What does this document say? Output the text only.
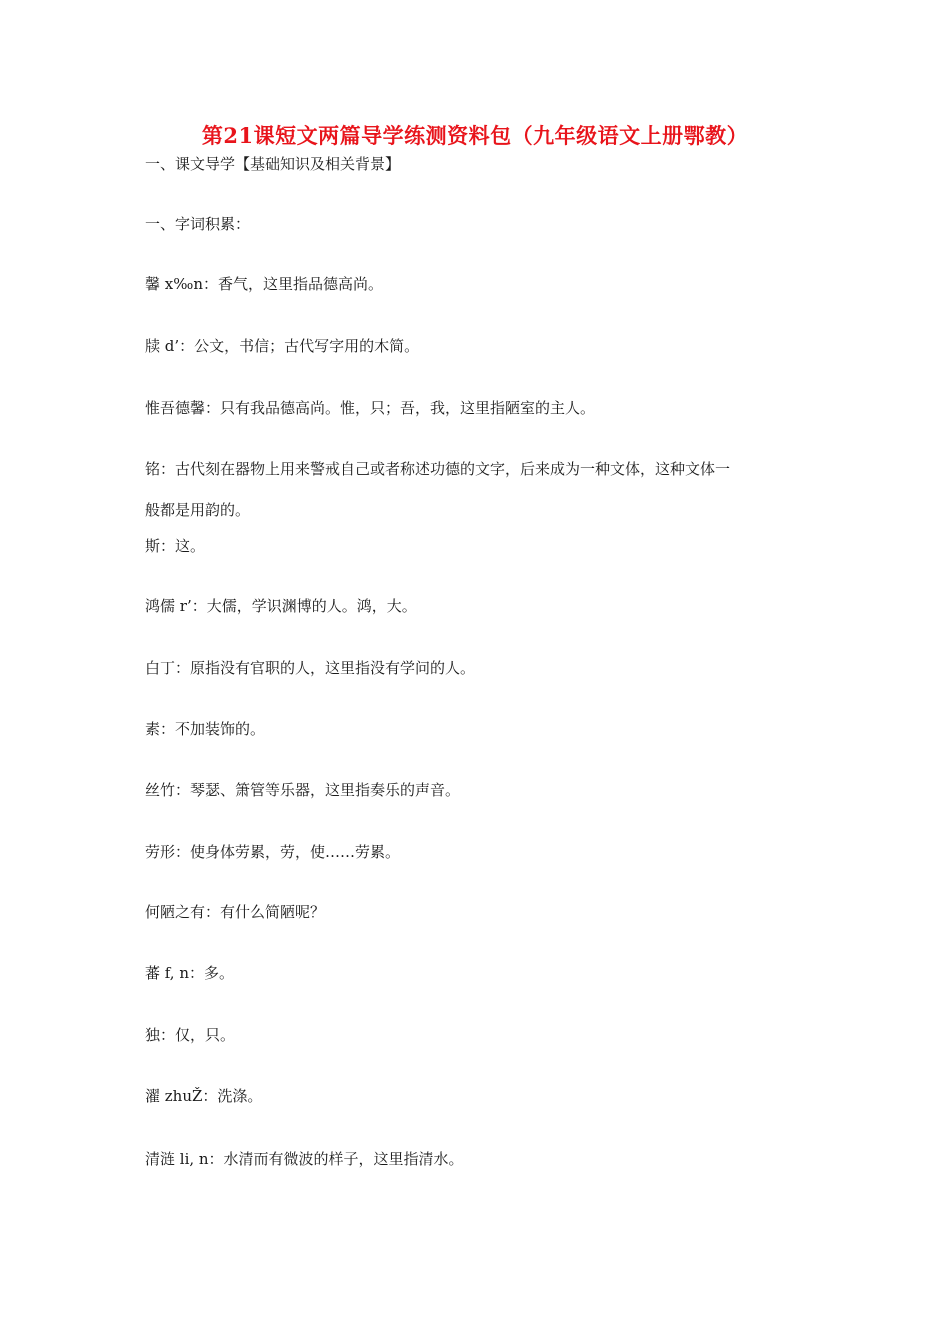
第21课短文两篇导学练测资料包（九年级语文上册鄂教）
一、课文导学【基础知识及相关背景】
一、字词积累：
馨 x‰n：香气，这里指品德高尚。
牍 d’：公文，书信；古代写字用的木简。
惟吾德馨：只有我品德高尚。惟，只；吾，我，这里指陋室的主人。
铭：古代刻在器物上用来警戒自己或者称述功德的文字，后来成为一种文体，这种文体一
般都是用韵的。
斯：这。
鸿儒 r’：大儒，学识渊博的人。鸿，大。
白丁：原指没有官职的人，这里指没有学问的人。
素：不加装饰的。
丝竹：琴瑟、箫管等乐器，这里指奏乐的声音。
劳形：使身体劳累，劳，使……劳累。
何陋之有：有什么简陋呢？
蕃 f, n：多。
独：仅，只。
濯 zhuŽ：洗涤。
清涟 li, n：水清而有微波的样子，这里指清水。
